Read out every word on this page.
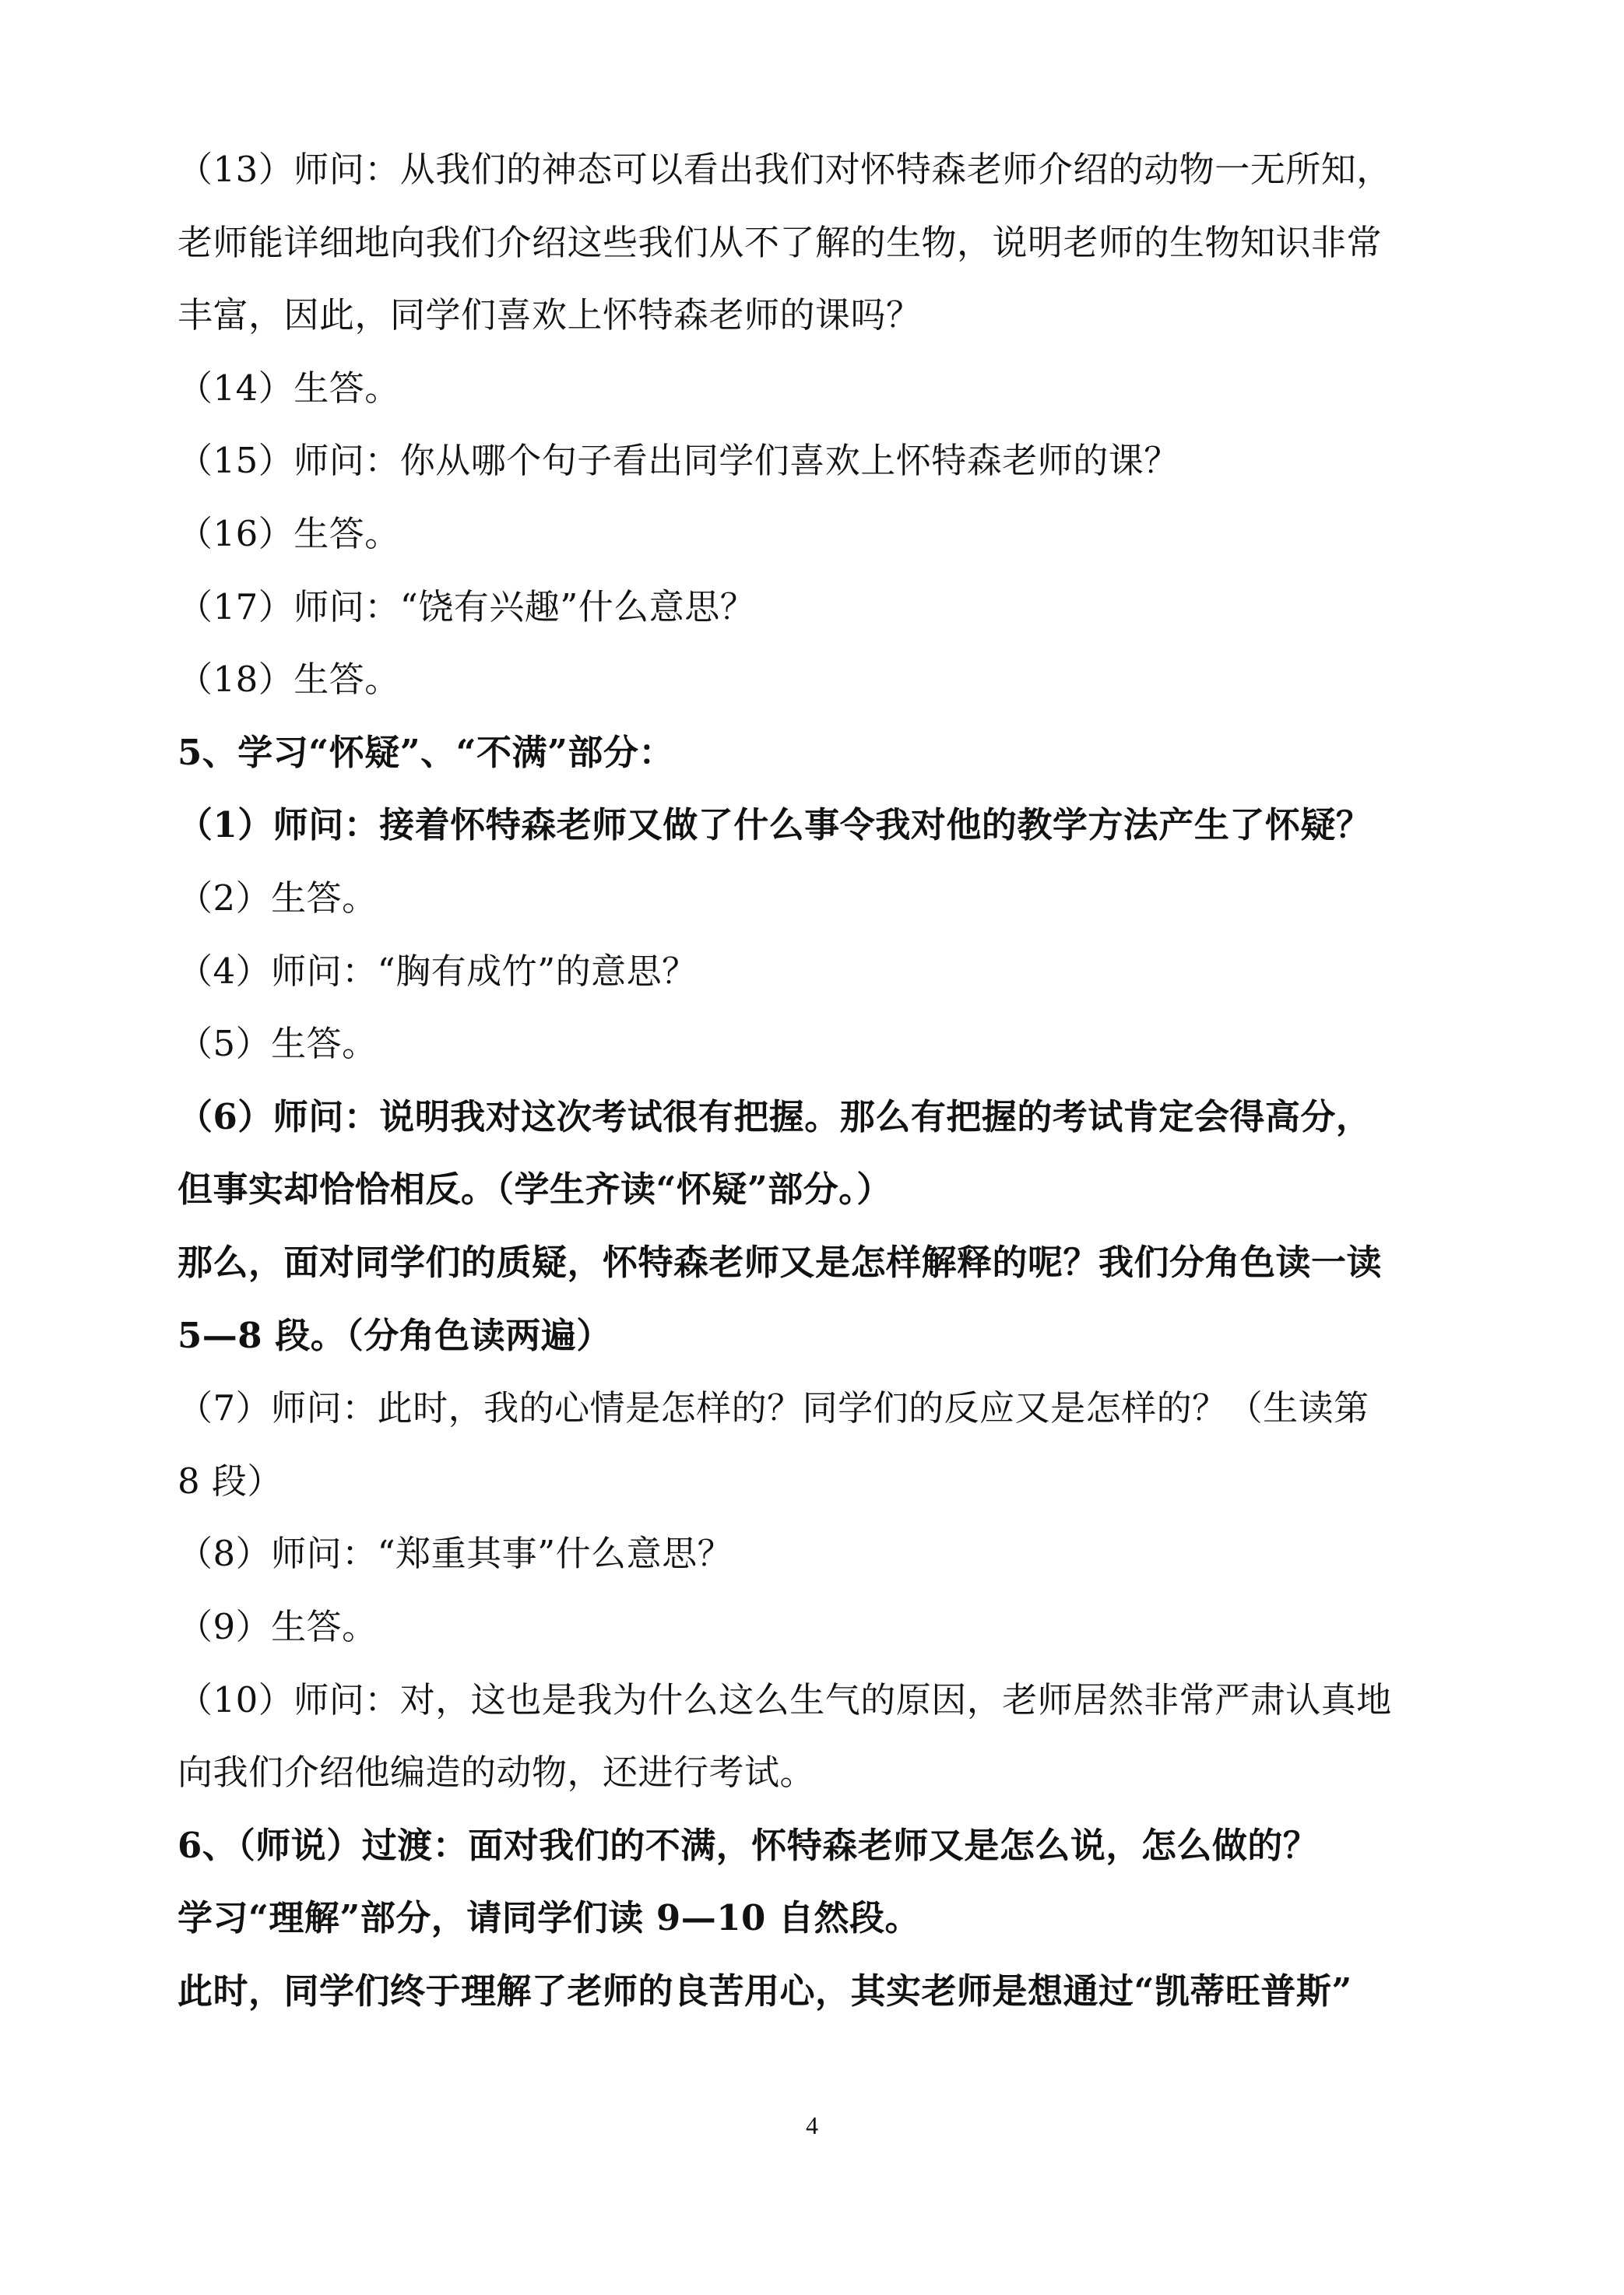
（13）师问：从我们的神态可以看出我们对怀特森老师介绍的动物一无所知，
老师能详细地向我们介绍这些我们从不了解的生物，说明老师的生物知识非常
丰富，因此，同学们喜欢上怀特森老师的课吗？
（14）生答。
（15）师问：你从哪个句子看出同学们喜欢上怀特森老师的课？
（16）生答。
（17）师问：“饶有兴趣”什么意思？
（18）生答。
5、学习“怀疑”、“不满”部分：
（1）师问：接着怀特森老师又做了什么事令我对他的教学方法产生了怀疑？
（2）生答。
（4）师问：“胸有成竹”的意思？
（5）生答。
（6）师问：说明我对这次考试很有把握。那么有把握的考试肯定会得高分，
但事实却恰恰相反。（学生齐读“怀疑”部分。）
那么，面对同学们的质疑，怀特森老师又是怎样解释的呢？我们分角色读一读
5—8 段。（分角色读两遍）
（7）师问：此时，我的心情是怎样的？同学们的反应又是怎样的？（生读第
8 段）
（8）师问：“郑重其事”什么意思？
（9）生答。
（10）师问：对，这也是我为什么这么生气的原因，老师居然非常严肃认真地
向我们介绍他编造的动物，还进行考试。
6、（师说）过渡：面对我们的不满，怀特森老师又是怎么说，怎么做的？
学习“理解”部分，请同学们读 9—10 自然段。
此时，同学们终于理解了老师的良苦用心，其实老师是想通过“凯蒂旺普斯”
4
